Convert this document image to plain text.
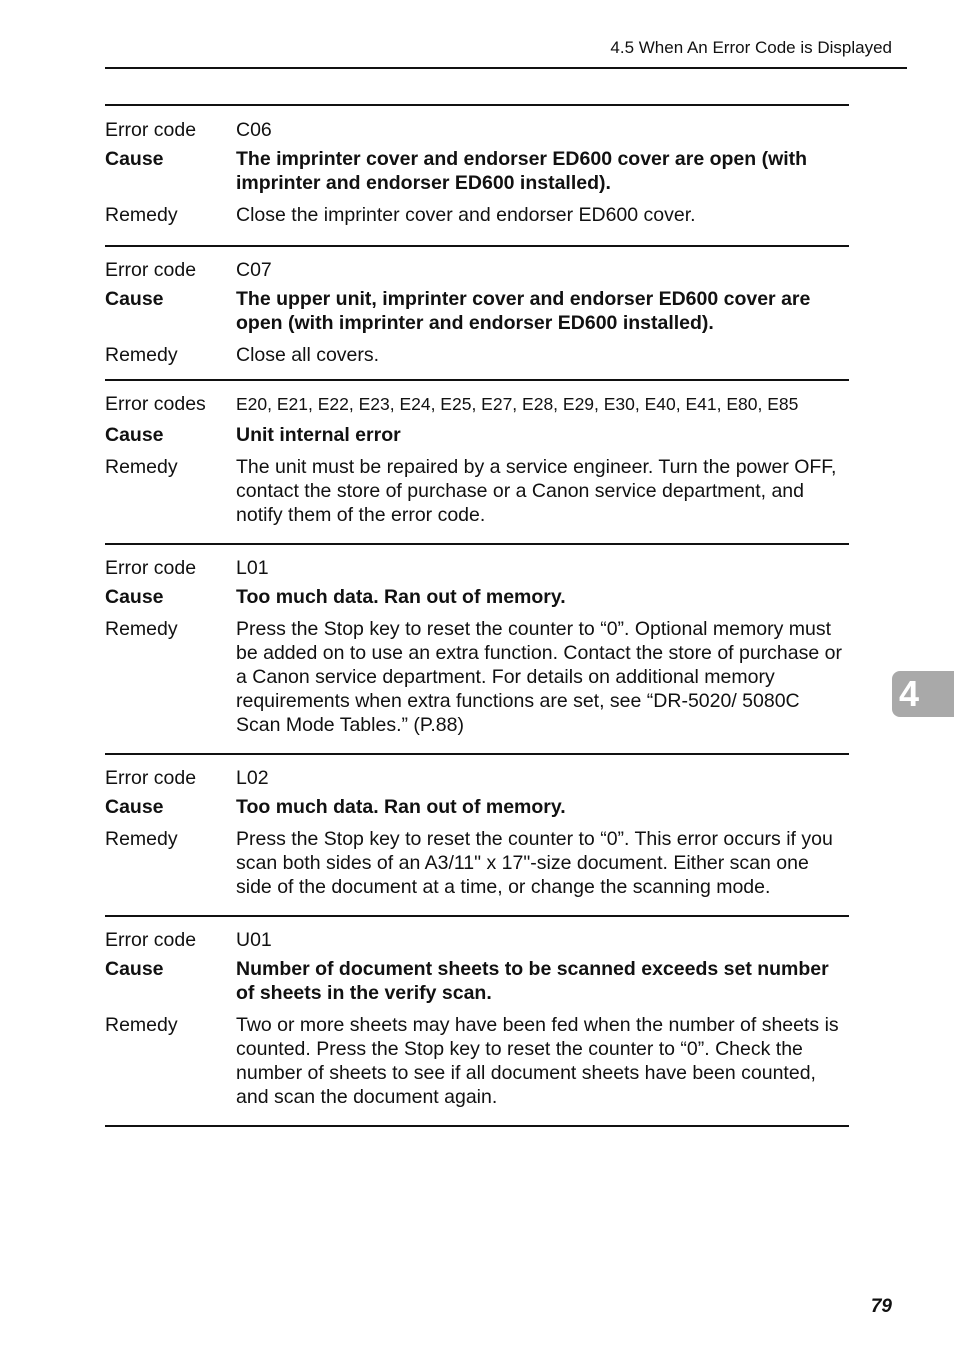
4.5 When An Error Code is Displayed
Error code	C06
Cause	The imprinter cover and endorser ED600 cover are open (with imprinter and endorser ED600 installed).
Remedy	Close the imprinter cover and endorser ED600 cover.
Error code	C07
Cause	The upper unit, imprinter cover and endorser ED600 cover are open (with imprinter and endorser ED600 installed).
Remedy	Close all covers.
Error codes	E20, E21, E22, E23, E24, E25, E27, E28, E29, E30, E40, E41, E80, E85
Cause	Unit internal error
Remedy	The unit must be repaired by a service engineer. Turn the power OFF, contact the store of purchase or a Canon service department, and notify them of the error code.
Error code	L01
Cause	Too much data. Ran out of memory.
Remedy	Press the Stop key to reset the counter to “0”. Optional memory must be added on to use an extra function. Contact the store of purchase or a Canon service department. For details on additional memory requirements when extra functions are set, see “DR-5020/ 5080C Scan Mode Tables.” (P.88)
Error code	L02
Cause	Too much data. Ran out of memory.
Remedy	Press the Stop key to reset the counter to “0”. This error occurs if you scan both sides of an A3/11" x 17"-size document. Either scan one side of the document at a time, or change the scanning mode.
Error code	U01
Cause	Number of document sheets to be scanned exceeds set number of sheets in the verify scan.
Remedy	Two or more sheets may have been fed when the number of sheets is counted. Press the Stop key to reset the counter to “0”. Check the number of sheets to see if all document sheets have been counted, and scan the document again.
4
79
